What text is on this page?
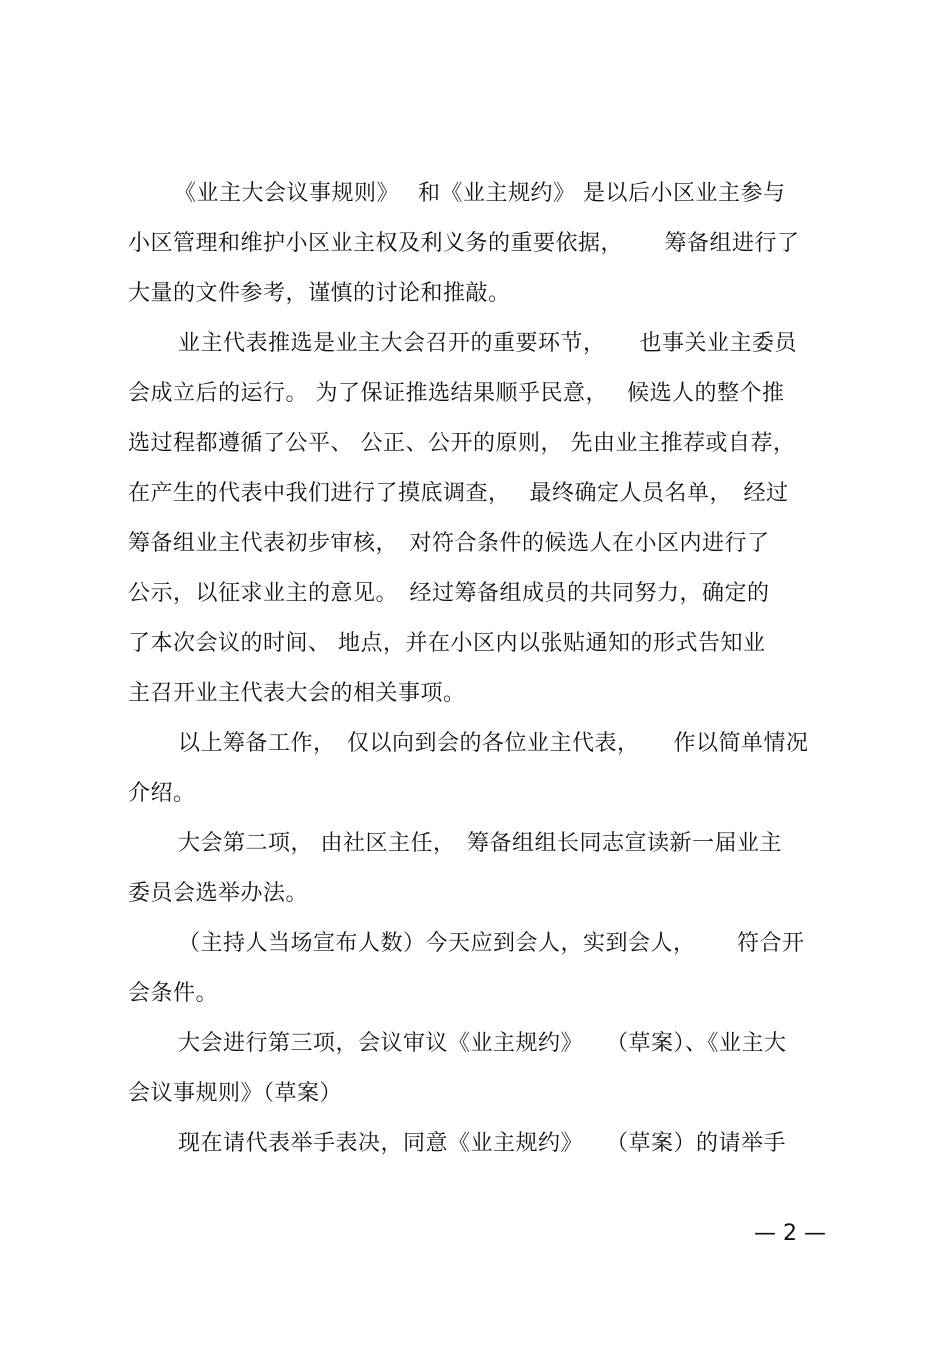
《业主大会议事规则》　 和《业主规约》 是以后小区业主参与
小区管理和维护小区业主权及利义务的重要依据，　　 筹备组进行了
大量的文件参考，谨慎的讨论和推敲。
业主代表推选是业主大会召开的重要环节，　　也事关业主委员
会成立后的运行。 为了保证推选结果顺乎民意，　 候选人的整个推
选过程都遵循了公平、 公正、公开的原则， 先由业主推荐或自荐，
在产生的代表中我们进行了摸底调查，　 最终确定人员名单，　经过
筹备组业主代表初步审核，　对符合条件的候选人在小区内进行了
公示，以征求业主的意见。　经过筹备组成员的共同努力，确定的
了本次会议的时间、 地点，并在小区内以张贴通知的形式告知业
主召开业主代表大会的相关事项。
以上筹备工作，　仅以向到会的各位业主代表，　　作以简单情况
介绍。
大会第二项， 由社区主任，　筹备组组长同志宣读新一届业主
委员会选举办法。
（主持人当场宣布人数）今天应到会人，实到会人，　　 符合开
会条件。
大会进行第三项，会议审议《业主规约》　　（草案）、《业主大
会议事规则》（草案）
现在请代表举手表决，同意《业主规约》　　（草案）的请举手
— 2 —
